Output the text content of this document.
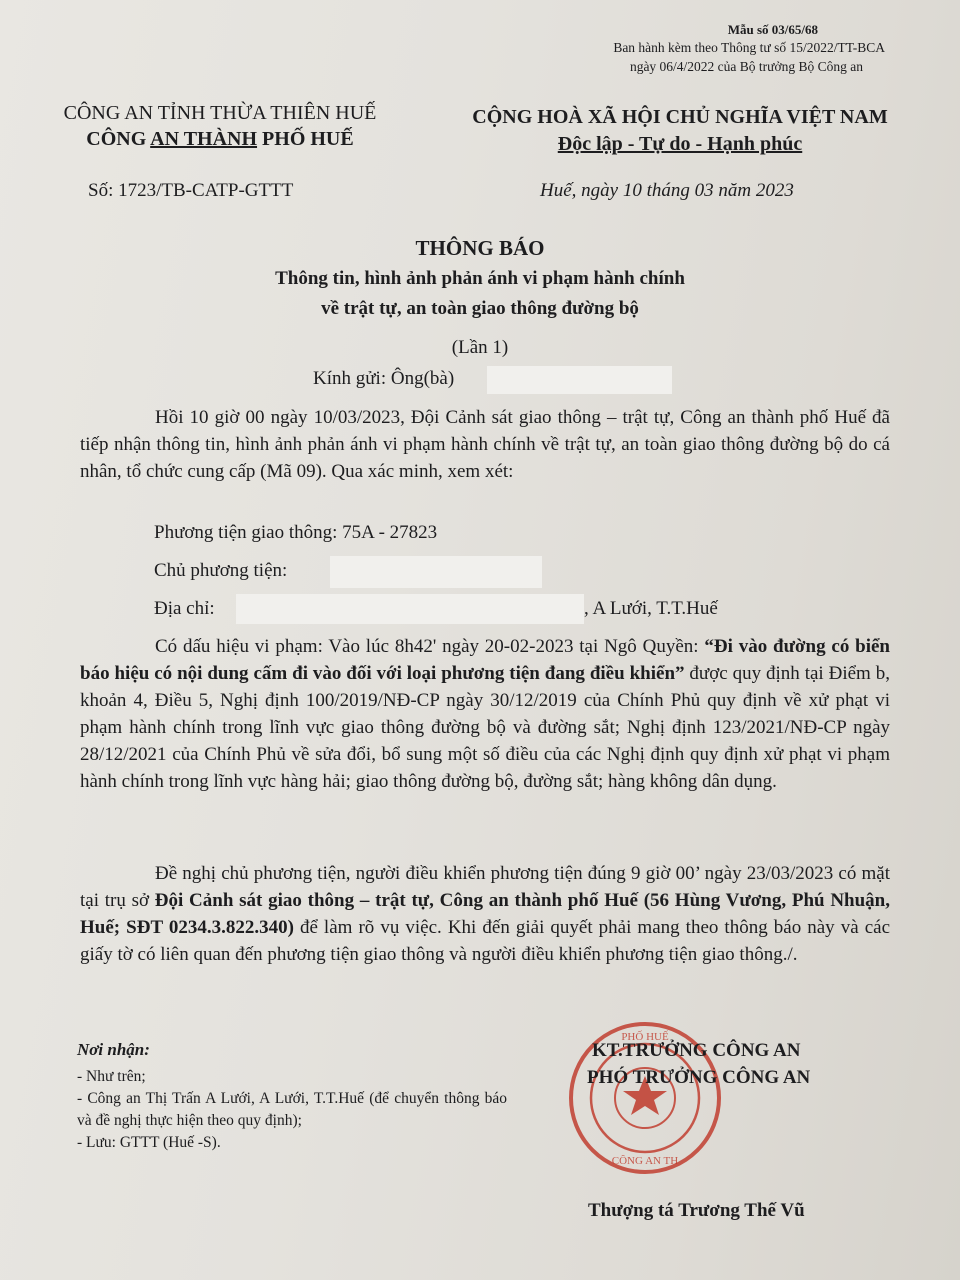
Mẫu số 03/65/68
Ban hành kèm theo Thông tư số 15/2022/TT-BCA
ngày 06/4/2022 của Bộ trưởng Bộ Công an
CÔNG AN TỈNH THỪA THIÊN HUẾ
CÔNG AN THÀNH PHỐ HUẾ
CỘNG HOÀ XÃ HỘI CHỦ NGHĨA VIỆT NAM
Độc lập - Tự do - Hạnh phúc
Số: 1723/TB-CATP-GTTT	Huế, ngày 10 tháng 03 năm 2023
THÔNG BÁO
Thông tin, hình ảnh phản ánh vi phạm hành chính
về trật tự, an toàn giao thông đường bộ
(Lần 1)
Kính gửi: Ông(bà)

Hồi 10 giờ 00 ngày 10/03/2023, Đội Cảnh sát giao thông – trật tự, Công an thành phố Huế đã tiếp nhận thông tin, hình ảnh phản ánh vi phạm hành chính về trật tự, an toàn giao thông đường bộ do cá nhân, tổ chức cung cấp (Mã 09). Qua xác minh, xem xét:

Phương tiện giao thông: 75A - 27823
Chủ phương tiện:
Địa chỉ:	, A Lưới, T.T.Huế

Có dấu hiệu vi phạm: Vào lúc 8h42' ngày 20-02-2023 tại Ngô Quyền: “Đi vào đường có biển báo hiệu có nội dung cấm đi vào đối với loại phương tiện đang điều khiển” được quy định tại Điểm b, khoản 4, Điều 5, Nghị định 100/2019/NĐ-CP ngày 30/12/2019 của Chính Phủ quy định về xử phạt vi phạm hành chính trong lĩnh vực giao thông đường bộ và đường sắt; Nghị định 123/2021/NĐ-CP ngày 28/12/2021 của Chính Phủ về sửa đổi, bổ sung một số điều của các Nghị định quy định xử phạt vi phạm hành chính trong lĩnh vực hàng hải; giao thông đường bộ, đường sắt; hàng không dân dụng.

Đề nghị chủ phương tiện, người điều khiển phương tiện đúng 9 giờ 00’ ngày 23/03/2023 có mặt tại trụ sở Đội Cảnh sát giao thông – trật tự, Công an thành phố Huế (56 Hùng Vương, Phú Nhuận, Huế; SĐT 0234.3.822.340) để làm rõ vụ việc. Khi đến giải quyết phải mang theo thông báo này và các giấy tờ có liên quan đến phương tiện giao thông và người điều khiển phương tiện giao thông./.

Nơi nhận:
- Như trên;
- Công an Thị Trấn A Lưới, A Lưới, T.T.Huế (để chuyển thông báo và đề nghị thực hiện theo quy định);
- Lưu: GTTT (Huế -S).
PHỐ HUẾ
CÔNG AN TH
KT.TRƯỞNG CÔNG AN
PHÓ TRƯỞNG CÔNG AN
Thượng tá Trương Thế Vũ
